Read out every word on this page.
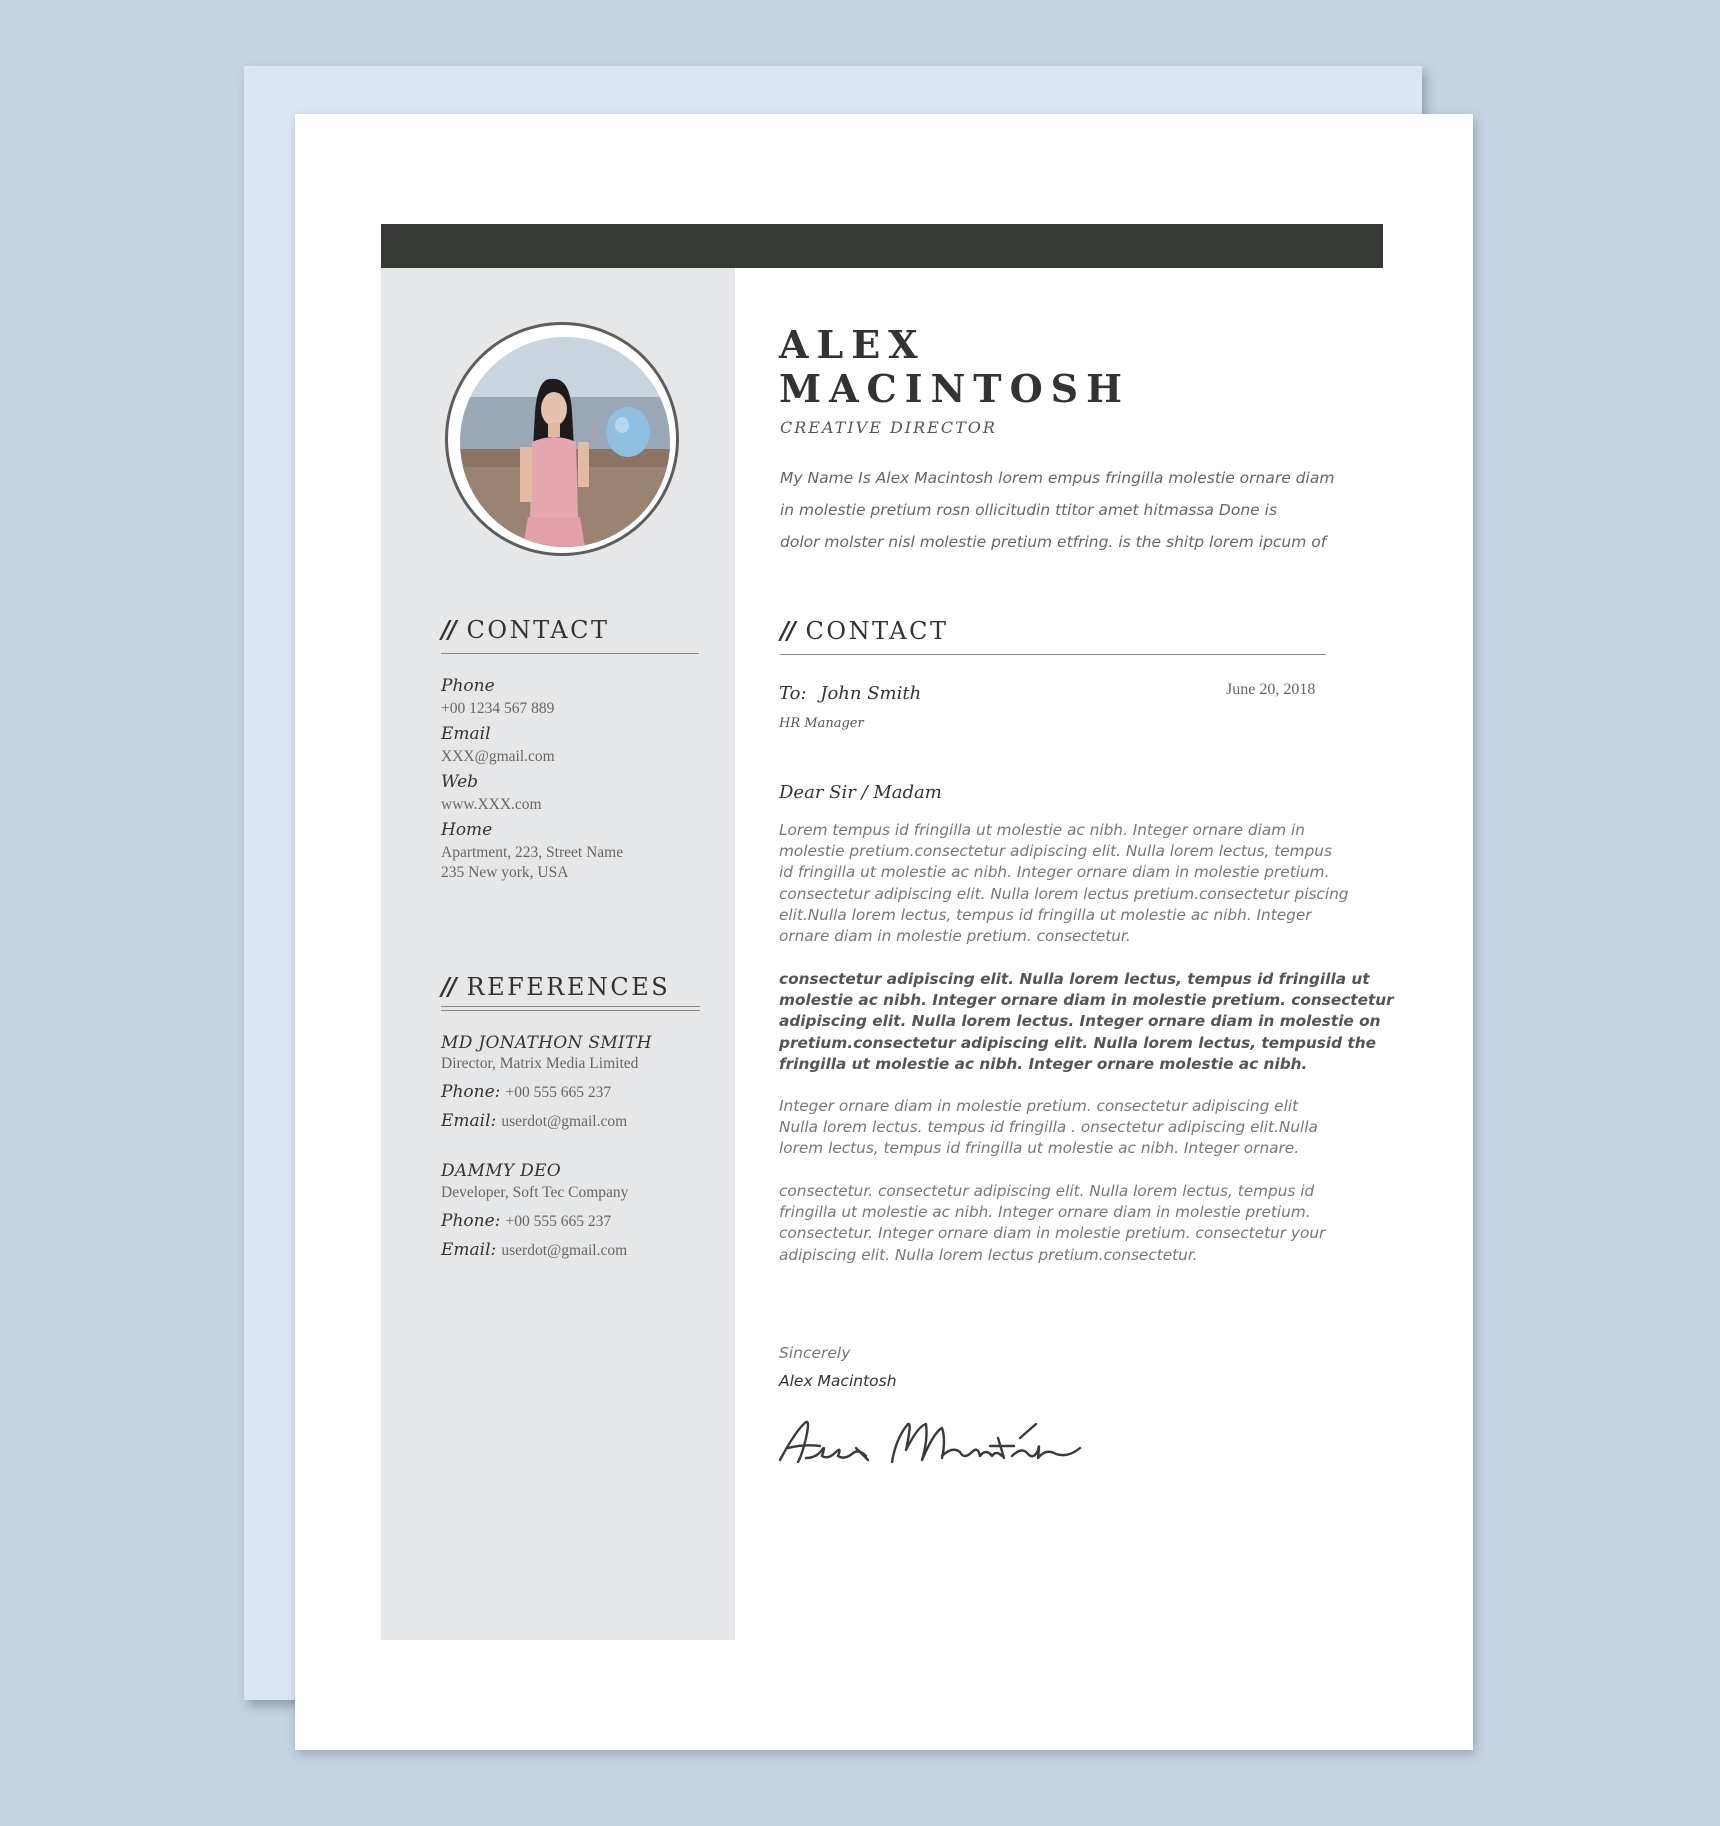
// CONTACT
Phone
+00 1234 567 889
Email
XXX@gmail.com
Web
www.XXX.com
Home
Apartment, 223, Street Name
235 New york, USA
// REFERENCES
MD JONATHON SMITH
Director, Matrix Media Limited
Phone: +00 555 665 237
Email: userdot@gmail.com
DAMMY DEO
Developer, Soft Tec Company
Phone: +00 555 665 237
Email: userdot@gmail.com
ALEX
MACINTOSH
CREATIVE DIRECTOR
My Name Is Alex Macintosh lorem empus fringilla molestie ornare diam
in molestie pretium rosn ollicitudin ttitor amet hitmassa Done is
dolor molster nisl molestie pretium etfring. is the shitp lorem ipcum of
// CONTACT
To: John Smith
HR Manager
June 20, 2018
Dear Sir / Madam
Lorem tempus id fringilla ut molestie ac nibh. Integer ornare diam in
molestie pretium.consectetur adipiscing elit. Nulla lorem lectus, tempus
id fringilla ut molestie ac nibh. Integer ornare diam in molestie pretium.
consectetur adipiscing elit. Nulla lorem lectus pretium.consectetur piscing
elit.Nulla lorem lectus, tempus id fringilla ut molestie ac nibh. Integer
ornare diam in molestie pretium. consectetur.
consectetur adipiscing elit. Nulla lorem lectus, tempus id fringilla ut
molestie ac nibh. Integer ornare diam in molestie pretium. consectetur
adipiscing elit. Nulla lorem lectus. Integer ornare diam in molestie on
pretium.consectetur adipiscing elit. Nulla lorem lectus, tempusid the
fringilla ut molestie ac nibh. Integer ornare molestie ac nibh.
Integer ornare diam in molestie pretium. consectetur adipiscing elit
Nulla lorem lectus. tempus id fringilla . onsectetur adipiscing elit.Nulla
lorem lectus, tempus id fringilla ut molestie ac nibh. Integer ornare.
consectetur. consectetur adipiscing elit. Nulla lorem lectus, tempus id
fringilla ut molestie ac nibh. Integer ornare diam in molestie pretium.
consectetur. Integer ornare diam in molestie pretium. consectetur your
adipiscing elit. Nulla lorem lectus pretium.consectetur.
Sincerely
Alex Macintosh
